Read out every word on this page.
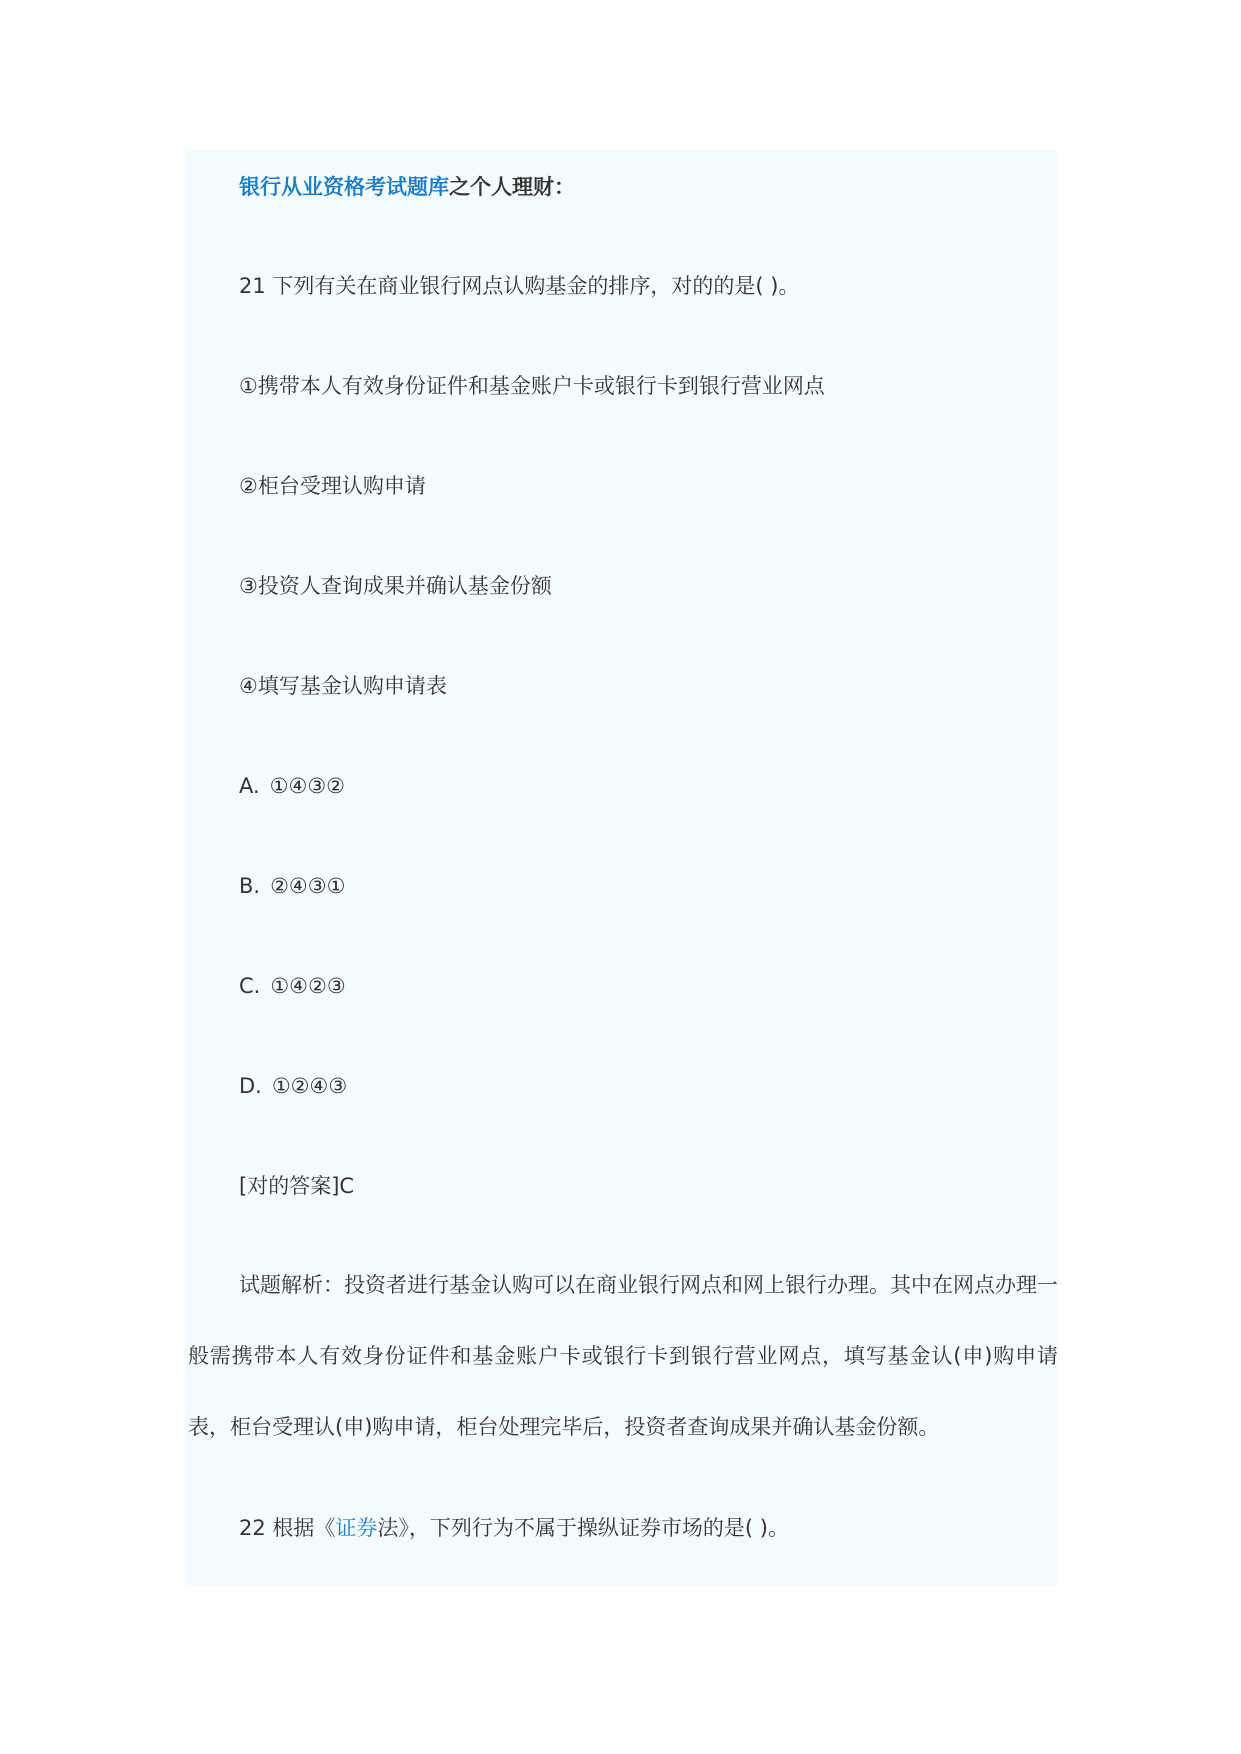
银行从业资格考试题库之个人理财：
21 下列有关在商业银行网点认购基金的排序，对的的是( )。
①携带本人有效身份证件和基金账户卡或银行卡到银行营业网点
②柜台受理认购申请
③投资人查询成果并确认基金份额
④填写基金认购申请表
A. ①④③②
B. ②④③①
C. ①④②③
D. ①②④③
[对的答案]C
试题解析：投资者进行基金认购可以在商业银行网点和网上银行办理。其中在网点办理一般需携带本人有效身份证件和基金账户卡或银行卡到银行营业网点，填写基金认(申)购申请表，柜台受理认(申)购申请，柜台处理完毕后，投资者查询成果并确认基金份额。
22 根据《证券法》，下列行为不属于操纵证券市场的是( )。
